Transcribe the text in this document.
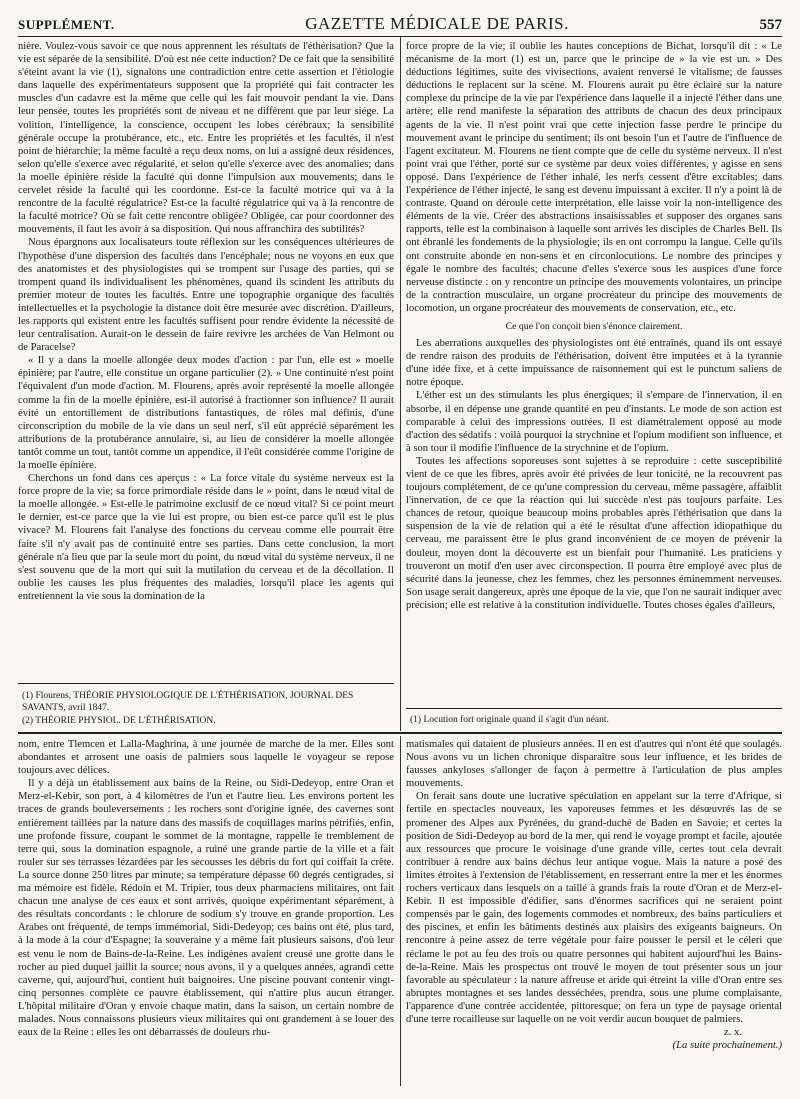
SUPPLÉMENT.	GAZETTE MÉDICALE DE PARIS.	557

nière. Voulez-vous savoir ce que nous apprennent les résultats de l'éthérisation? Que la vie est séparée de la sensibilité. D'où est née cette induction? De ce fait que la sensibilité s'éteint avant la vie (1), signalons une contradiction entre cette assertion et l'étiologie dans laquelle des expérimentateurs supposent que la propriété qui fait contracter les muscles d'un cadavre est la même que celle qui les fait mouvoir pendant la vie. Dans leur pensée, toutes les propriétés sont de niveau et ne diffèrent que par leur siége. La volition, l'intelligence, la conscience, occupent les lobes cérébraux; la sensibilité générale occupe la protubérance, etc., etc. Entre les propriétés et les facultés, il n'est point de hiérarchie; la même faculté a reçu deux noms, on lui a assigné deux résidences, selon qu'elle s'exerce avec régularité, et selon qu'elle s'exerce avec des anomalies; dans la moelle épinière réside la faculté qui donne l'impulsion aux mouvements; dans le cervelet réside la faculté qui les coordonne. Est-ce la faculté motrice qui va à la rencontre de la faculté régulatrice? Est-ce la faculté régulatrice qui va à la rencontre de la faculté motrice? Où se fait cette rencontre obligée? Obligée, car pour coordonner des mouvements, il faut les avoir à sa disposition. Qui nous affranchira des subtilités?

Nous épargnons aux localisateurs toute réflexion sur les conséquences ultérieures de l'hypothèse d'une dispersion des facultés dans l'encéphale; nous ne voyons en eux que des anatomistes et des physiologistes qui se trompent sur l'usage des parties, qui se trompent quand ils individualisent les phénomènes, quand ils scindent les attributs du premier moteur de toutes les facultés. Entre une topographie organique des facultés intellectuelles et la psychologie la distance doit être mesurée avec discrétion. D'ailleurs, les rapports qui existent entre les facultés suffisent pour rendre évidente la nécessité de leur centralisation. Aurait-on le dessein de faire revivre les archées de Van Helmont ou de Paracelse?

« Il y a dans la moelle allongée deux modes d'action : par l'un, elle est » moelle épinière; par l'autre, elle constitue un organe particulier (2). » Une continuité n'est point l'équivalent d'un mode d'action. M. Flourens, après avoir représenté la moelle allongée comme la fin de la moelle épinière, est-il autorisé à fractionner son influence? Il aurait évité un entortillement de distributions fantastiques, de rôles mal définis, d'une circonscription du mobile de la vie dans un seul nerf, s'il eût apprécié séparément les attributions de la protubérance annulaire, si, au lieu de considérer la moelle allongée tantôt comme un tout, tantôt comme un appendice, il l'eût considérée comme l'origine de la moelle épinière.

Cherchons un fond dans ces aperçus : « La force vitale du système nerveux est la force propre de la vie; sa force primordiale réside dans le » point, dans le nœud vital de la moelle allongée. » Est-elle le patrimoine exclusif de ce nœud vital? Si ce point meurt le dernier, est-ce parce que la vie lui est propre, ou bien est-ce parce qu'il est le plus vivace? M. Flourens fait l'analyse des fonctions du cerveau comme elle pourrait être faite s'il n'y avait pas de continuité entre ses parties. Dans cette conclusion, la mort générale n'a lieu que par la seule mort du point, du nœud vital du système nerveux, il ne s'est souvenu que de la mort qui suit la mutilation du cerveau et de la décollation. Il oublie les causes les plus fréquentes des maladies, lorsqu'il place les agents qui entretiennent la vie sous la domination de la

(1) Flourens, THÉORIE PHYSIOLOGIQUE DE L'ÉTHÉRISATION, JOURNAL DES SAVANTS, avril 1847.

(2) THÉORIE PHYSIOL. DE L'ÉTHÉRISATION.

force propre de la vie; il oublie les hautes conceptions de Bichat, lorsqu'il dit : « Le mécanisme de la mort (1) est un, parce que le principe de » la vie est un. » Des déductions légitimes, suite des vivisections, avaient renversé le vitalisme; de fausses déductions le replacent sur la scène. M. Flourens aurait pu être éclairé sur la nature complexe du principe de la vie par l'expérience dans laquelle il a injecté l'éther dans une artère; elle rend manifeste la séparation des attributs de chacun des deux principaux agents de la vie. Il n'est point vrai que cette injection fasse perdre le principe du mouvement avant le principe du sentiment; ils ont besoin l'un et l'autre de l'influence de l'agent excitateur. M. Flourens ne tient compte que de celle du système nerveux. Il n'est point vrai que l'éther, porté sur ce système par deux voies différentes, y agisse en sens opposé. Dans l'expérience de l'éther inhalé, les nerfs cessent d'être excitables; dans l'expérience de l'éther injecté, le sang est devenu impuissant à exciter. Il n'y a point là de contraste. Quand on déroule cette interprétation, elle laisse voir la non-intelligence des éléments de la vie. Créer des abstractions insaisissables et supposer des organes sans rapports, telle est la combinaison à laquelle sont arrivés les disciples de Charles Bell. Ils ont ébranlé les fondements de la physiologie; ils en ont corrompu la langue. Celle qu'ils ont construite abonde en non-sens et en circonlocutions. Le nombre des principes y égale le nombre des facultés; chacune d'elles s'exerce sous les auspices d'une force nerveuse distincte : on y rencontre un principe des mouvements volontaires, un principe de la contraction musculaire, un organe procréateur du principe des mouvements de locomotion, un organe procréateur des mouvements de conservation, etc., etc.

Ce que l'on conçoit bien s'énonce clairement.

Les aberrations auxquelles des physiologistes ont été entraînés, quand ils ont essayé de rendre raison des produits de l'éthérisation, doivent être imputées et à la tyrannie d'une idée fixe, et à cette impuissance de raisonnement qui est le punctum saliens de notre époque.

L'éther est un des stimulants les plus énergiques; il s'empare de l'innervation, il en absorbe, il en dépense une grande quantité en peu d'instants. Le mode de son action est comparable à celui des impressions outrées. Il est diamétralement opposé au mode d'action des sédatifs : voilà pourquoi la strychnine et l'opium modifient son influence, et à son tour il modifie l'influence de la strychnine et de l'opium.

Toutes les affections soporeuses sont sujettes à se reproduire : cette susceptibilité vient de ce que les fibres, après avoir été privées de leur tonicité, ne la recouvrent pas toujours complétement, de ce qu'une compression du cerveau, même passagère, affaiblit l'innervation, de ce que la réaction qui lui succède n'est pas toujours parfaite. Les chances de retour, quoique beaucoup moins probables après l'éthérisation que dans la suspension de la vie de relation qui a été le résultat d'une affection idiopathique du cerveau, me paraissent être le plus grand inconvénient de ce moyen de prévenir la douleur, moyen dont la découverte est un bienfait pour l'humanité. Les praticiens y trouveront un motif d'en user avec circonspection. Il pourra être employé avec plus de sécurité dans la jeunesse, chez les femmes, chez les personnes éminemment nerveuses. Son usage serait dangereux, après une époque de la vie, que l'on ne saurait indiquer avec précision; elle est relative à la constitution individuelle. Toutes choses égales d'ailleurs,

(1) Locution fort originale quand il s'agit d'un néant.

nom, entre Tlemcen et Lalla-Maghrina, à une journée de marche de la mer. Elles sont abondantes et arrosent une oasis de palmiers sous laquelle le voyageur se repose toujours avec délices.

Il y a déjà un établissement aux bains de la Reine, ou Sidi-Dedeyop, entre Oran et Merz-el-Kebir, son port, à 4 kilomètres de l'un et l'autre lieu. Les environs portent les traces de grands bouleversements : les rochers sont d'origine ignée, des cavernes sont entièrement taillées par la nature dans des massifs de coquillages marins pétrifiés, enfin, une profonde fissure, coupant le sommet de la montagne, rappelle le tremblement de terre qui, sous la domination espagnole, a ruiné une grande partie de la ville et a fait rouler sur ses terrasses lézardées par les secousses les débris du fort qui coiffait la crête. La source donne 250 litres par minute; sa température dépasse 60 degrés centigrades, si ma mémoire est fidèle. Rédoin et M. Tripier, tous deux pharmaciens militaires, ont fait chacun une analyse de ces eaux et sont arrivés, quoique expérimentant séparément, à des résultats concordants : le chlorure de sodium s'y trouve en grande proportion. Les Arabes ont fréquenté, de temps immémorial, Sidi-Dedeyop; ces bains ont été, plus tard, à la mode à la cour d'Espagne; la souveraine y a même fait plusieurs saisons, d'où leur est venu le nom de Bains-de-la-Reine. Les indigènes avaient creusé une grotte dans le rocher au pied duquel jaillit la source; nous avons, il y a quelques années, agrandi cette caverne, qui, aujourd'hui, contient huit baignoires. Une piscine pouvant contenir vingt-cinq personnes complète ce pauvre établissement, qui n'attire plus aucun étranger. L'hôpital militaire d'Oran y envoie chaque matin, dans la saison, un certain nombre de malades. Nous connaissons plusieurs vieux militaires qui ont grandement à se louer des eaux de la Reine : elles les ont débarrassés de douleurs rhu-

matismales qui dataient de plusieurs années. Il en est d'autres qui n'ont été que soulagés. Nous avons vu un lichen chronique disparaître sous leur influence, et les brides de fausses ankyloses s'allonger de façon à permettre à l'articulation de plus amples mouvements.

On ferait sans doute une lucrative spéculation en appelant sur la terre d'Afrique, si fertile en spectacles nouveaux, les vaporeuses femmes et les désœuvrés las de se promener des Alpes aux Pyrénées, du grand-duché de Baden en Savoie; et certes la position de Sidi-Dedeyop au bord de la mer, qui rend le voyage prompt et facile, ajoutée aux ressources que procure le voisinage d'une grande ville, certes tout cela devrait contribuer à rendre aux bains déchus leur antique vogue. Mais la nature a posé des limites étroites à l'extension de l'établissement, en resserrant entre la mer et les énormes rochers verticaux dans lesquels on a taillé à grands frais la route d'Oran et de Merz-el-Kebir. Il est impossible d'édifier, sans d'énormes sacrifices qui ne seraient point compensés par le gain, des logements commodes et nombreux, des bains particuliers et des piscines, et enfin les bâtiments destinés aux plaisirs des exigeants baigneurs. On rencontre à peine assez de terre végétale pour faire pousser le persil et le céleri que réclame le pot au feu des trois ou quatre personnes qui habitent aujourd'hui les Bains-de-la-Reine. Mais les prospectus ont trouvé le moyen de tout présenter sous un jour favorable au spéculateur : la nature affreuse et aride qui étreint la ville d'Oran entre ses abruptes montagnes et ses landes desséchées, prendra, sous une plume complaisante, l'apparence d'une contrée accidentée, pittoresque; on fera un type de paysage oriental d'une terre rocailleuse sur laquelle on ne voit verdir aucun bouquet de palmiers.

z. x.

(La suite prochainement.)
